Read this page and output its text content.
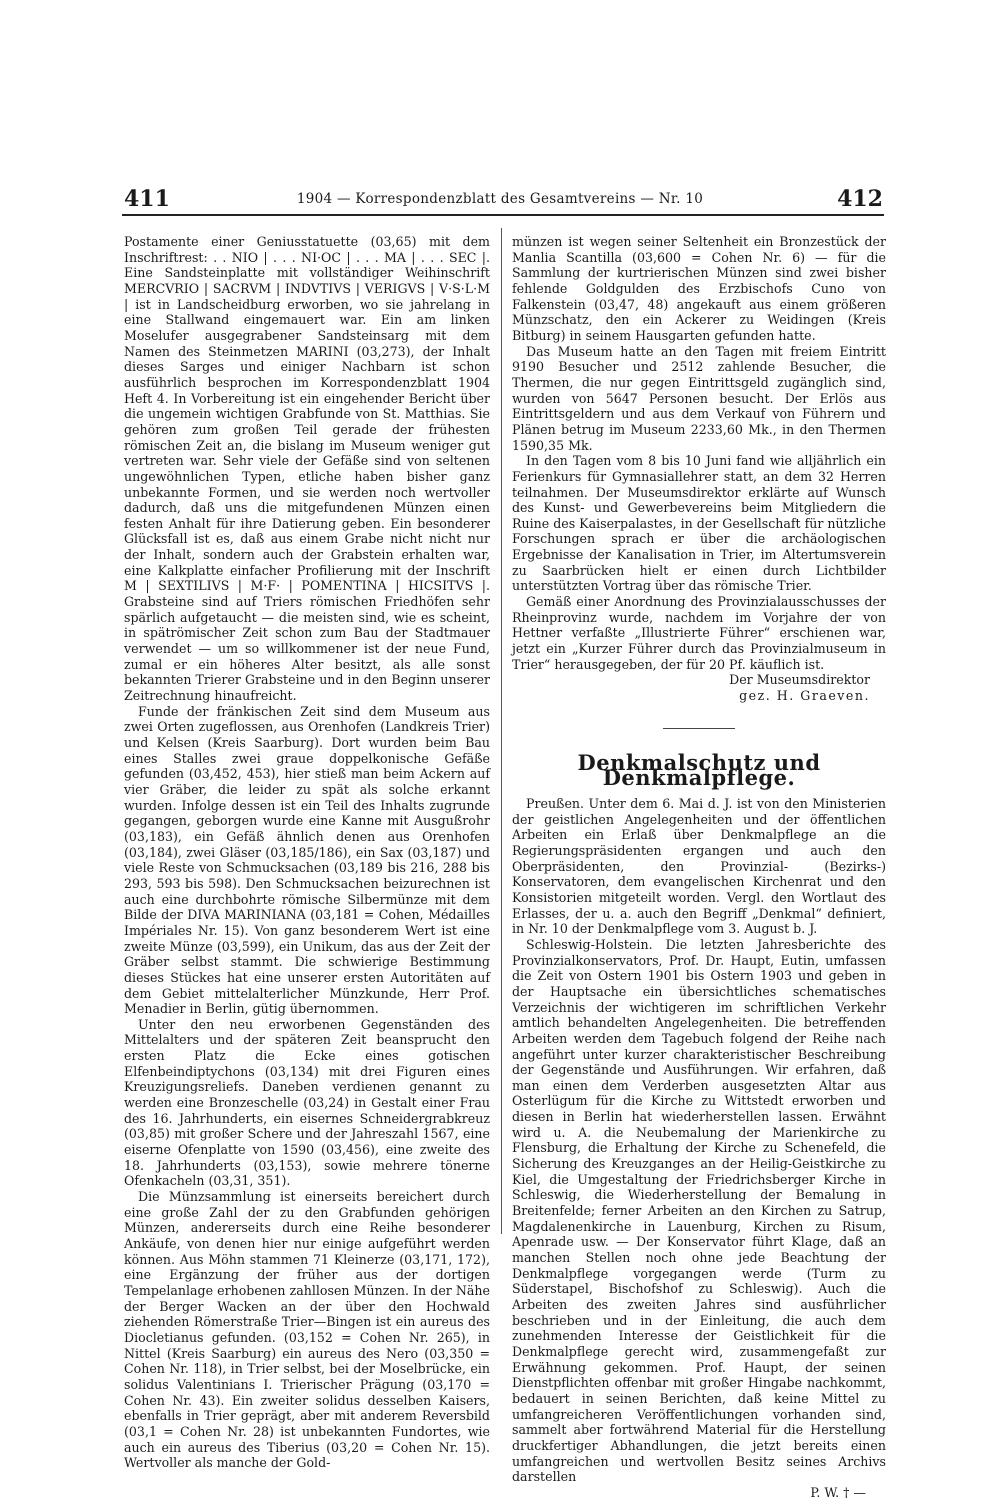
411	1904 — Korrespondenzblatt des Gesamtvereins — Nr. 10	412

Postamente einer Geniusstatuette (03,65) mit dem Inschriftrest: . . NIO | . . . NI·OC | . . . MA | . . . SEC |. Eine Sandsteinplatte mit vollständiger Weihinschrift MERCVRIO | SACRVM | INDVTIVS | VERIGVS | V·S·L·M | ist in Landscheidburg erworben, wo sie jahrelang in eine Stallwand eingemauert war. Ein am linken Moselufer ausgegrabener Sandsteinsarg mit dem Namen des Steinmetzen MARINI (03,273), der Inhalt dieses Sarges und einiger Nachbarn ist schon ausführlich besprochen im Korrespondenzblatt 1904 Heft 4. In Vorbereitung ist ein eingehender Bericht über die ungemein wichtigen Grabfunde von St. Matthias. Sie gehören zum großen Teil gerade der frühesten römischen Zeit an, die bislang im Museum weniger gut vertreten war. Sehr viele der Gefäße sind von seltenen ungewöhnlichen Typen, etliche haben bisher ganz unbekannte Formen, und sie werden noch wertvoller dadurch, daß uns die mitgefundenen Münzen einen festen Anhalt für ihre Datierung geben. Ein besonderer Glücksfall ist es, daß aus einem Grabe nicht nicht nur der Inhalt, sondern auch der Grabstein erhalten war, eine Kalkplatte einfacher Profilierung mit der Inschrift M | SEXTILIVS | M·F· | POMENTINA | HICSITVS |. Grabsteine sind auf Triers römischen Friedhöfen sehr spärlich aufgetaucht — die meisten sind, wie es scheint, in spätrömischer Zeit schon zum Bau der Stadtmauer verwendet — um so willkommener ist der neue Fund, zumal er ein höheres Alter besitzt, als alle sonst bekannten Trierer Grabsteine und in den Beginn unserer Zeitrechnung hinaufreicht.

Funde der fränkischen Zeit sind dem Museum aus zwei Orten zugeflossen, aus Orenhofen (Landkreis Trier) und Kelsen (Kreis Saarburg). Dort wurden beim Bau eines Stalles zwei graue doppelkonische Gefäße gefunden (03,452, 453), hier stieß man beim Ackern auf vier Gräber, die leider zu spät als solche erkannt wurden. Infolge dessen ist ein Teil des Inhalts zugrunde gegangen, geborgen wurde eine Kanne mit Ausgußrohr (03,183), ein Gefäß ähnlich denen aus Orenhofen (03,184), zwei Gläser (03,185/186), ein Sax (03,187) und viele Reste von Schmucksachen (03,189 bis 216, 288 bis 293, 593 bis 598). Den Schmucksachen beizurechnen ist auch eine durchbohrte römische Silbermünze mit dem Bilde der DIVA MARINIANA (03,181 = Cohen, Médailles Impériales Nr. 15). Von ganz besonderem Wert ist eine zweite Münze (03,599), ein Unikum, das aus der Zeit der Gräber selbst stammt. Die schwierige Bestimmung dieses Stückes hat eine unserer ersten Autoritäten auf dem Gebiet mittelalterlicher Münzkunde, Herr Prof. Menadier in Berlin, gütig übernommen.

Unter den neu erworbenen Gegenständen des Mittelalters und der späteren Zeit beansprucht den ersten Platz die Ecke eines gotischen Elfenbeindiptychons (03,134) mit drei Figuren eines Kreuzigungsreliefs. Daneben verdienen genannt zu werden eine Bronzeschelle (03,24) in Gestalt einer Frau des 16. Jahrhunderts, ein eisernes Schneidergrabkreuz (03,85) mit großer Schere und der Jahreszahl 1567, eine eiserne Ofenplatte von 1590 (03,456), eine zweite des 18. Jahrhunderts (03,153), sowie mehrere tönerne Ofenkacheln (03,31, 351).

Die Münzsammlung ist einerseits bereichert durch eine große Zahl der zu den Grabfunden gehörigen Münzen, andererseits durch eine Reihe besonderer Ankäufe, von denen hier nur einige aufgeführt werden können. Aus Möhn stammen 71 Kleinerze (03,171, 172), eine Ergänzung der früher aus der dortigen Tempelanlage erhobenen zahllosen Münzen. In der Nähe der Berger Wacken an der über den Hochwald ziehenden Römerstraße Trier—Bingen ist ein aureus des Diocletianus gefunden. (03,152 = Cohen Nr. 265), in Nittel (Kreis Saarburg) ein aureus des Nero (03,350 = Cohen Nr. 118), in Trier selbst, bei der Moselbrücke, ein solidus Valentinians I. Trierischer Prägung (03,170 = Cohen Nr. 43). Ein zweiter solidus desselben Kaisers, ebenfalls in Trier geprägt, aber mit anderem Reversbild (03,1 = Cohen Nr. 28) ist unbekannten Fundortes, wie auch ein aureus des Tiberius (03,20 = Cohen Nr. 15). Wertvoller als manche der Gold-

münzen ist wegen seiner Seltenheit ein Bronzestück der Manlia Scantilla (03,600 = Cohen Nr. 6) — für die Sammlung der kurtrierischen Münzen sind zwei bisher fehlende Goldgulden des Erzbischofs Cuno von Falkenstein (03,47, 48) angekauft aus einem größeren Münzschatz, den ein Ackerer zu Weidingen (Kreis Bitburg) in seinem Hausgarten gefunden hatte.

Das Museum hatte an den Tagen mit freiem Eintritt 9190 Besucher und 2512 zahlende Besucher, die Thermen, die nur gegen Eintrittsgeld zugänglich sind, wurden von 5647 Personen besucht. Der Erlös aus Eintrittsgeldern und aus dem Verkauf von Führern und Plänen betrug im Museum 2233,60 Mk., in den Thermen 1590,35 Mk.

In den Tagen vom 8 bis 10 Juni fand wie alljährlich ein Ferienkurs für Gymnasiallehrer statt, an dem 32 Herren teilnahmen. Der Museumsdirektor erklärte auf Wunsch des Kunst- und Gewerbevereins beim Mitgliedern die Ruine des Kaiserpalastes, in der Gesellschaft für nützliche Forschungen sprach er über die archäologischen Ergebnisse der Kanalisation in Trier, im Altertumsverein zu Saarbrücken hielt er einen durch Lichtbilder unterstützten Vortrag über das römische Trier.

Gemäß einer Anordnung des Provinzialausschusses der Rheinprovinz wurde, nachdem im Vorjahre der von Hettner verfaßte „Illustrierte Führer“ erschienen war, jetzt ein „Kurzer Führer durch das Provinzialmuseum in Trier“ herausgegeben, der für 20 Pf. käuflich ist.

Der Museumsdirektor

gez. H. Graeven.

Denkmalschutz und Denkmalpflege.

Preußen. Unter dem 6. Mai d. J. ist von den Ministerien der geistlichen Angelegenheiten und der öffentlichen Arbeiten ein Erlaß über Denkmalpflege an die Regierungspräsidenten ergangen und auch den Oberpräsidenten, den Provinzial- (Bezirks-) Konservatoren, dem evangelischen Kirchenrat und den Konsistorien mitgeteilt worden. Vergl. den Wortlaut des Erlasses, der u. a. auch den Begriff „Denkmal“ definiert, in Nr. 10 der Denkmalpflege vom 3. August b. J.

Schleswig-Holstein. Die letzten Jahresberichte des Provinzialkonservators, Prof. Dr. Haupt, Eutin, umfassen die Zeit von Ostern 1901 bis Ostern 1903 und geben in der Hauptsache ein übersichtliches schematisches Verzeichnis der wichtigeren im schriftlichen Verkehr amtlich behandelten Angelegenheiten. Die betreffenden Arbeiten werden dem Tagebuch folgend der Reihe nach angeführt unter kurzer charakteristischer Beschreibung der Gegenstände und Ausführungen. Wir erfahren, daß man einen dem Verderben ausgesetzten Altar aus Osterlügum für die Kirche zu Wittstedt erworben und diesen in Berlin hat wiederherstellen lassen. Erwähnt wird u. A. die Neubemalung der Marienkirche zu Flensburg, die Erhaltung der Kirche zu Schenefeld, die Sicherung des Kreuzganges an der Heilig-Geistkirche zu Kiel, die Umgestaltung der Friedrichsberger Kirche in Schleswig, die Wiederherstellung der Bemalung in Breitenfelde; ferner Arbeiten an den Kirchen zu Satrup, Magdalenenkirche in Lauenburg, Kirchen zu Risum, Apenrade usw. — Der Konservator führt Klage, daß an manchen Stellen noch ohne jede Beachtung der Denkmalpflege vorgegangen werde (Turm zu Süderstapel, Bischofshof zu Schleswig). Auch die Arbeiten des zweiten Jahres sind ausführlicher beschrieben und in der Einleitung, die auch dem zunehmenden Interesse der Geistlichkeit für die Denkmalpflege gerecht wird, zusammengefaßt zur Erwähnung gekommen. Prof. Haupt, der seinen Dienstpflichten offenbar mit großer Hingabe nachkommt, bedauert in seinen Berichten, daß keine Mittel zu umfangreicheren Veröffentlichungen vorhanden sind, sammelt aber fortwährend Material für die Herstellung druckfertiger Abhandlungen, die jetzt bereits einen umfangreichen und wertvollen Besitz seines Archivs darstellen

P. W. † —
